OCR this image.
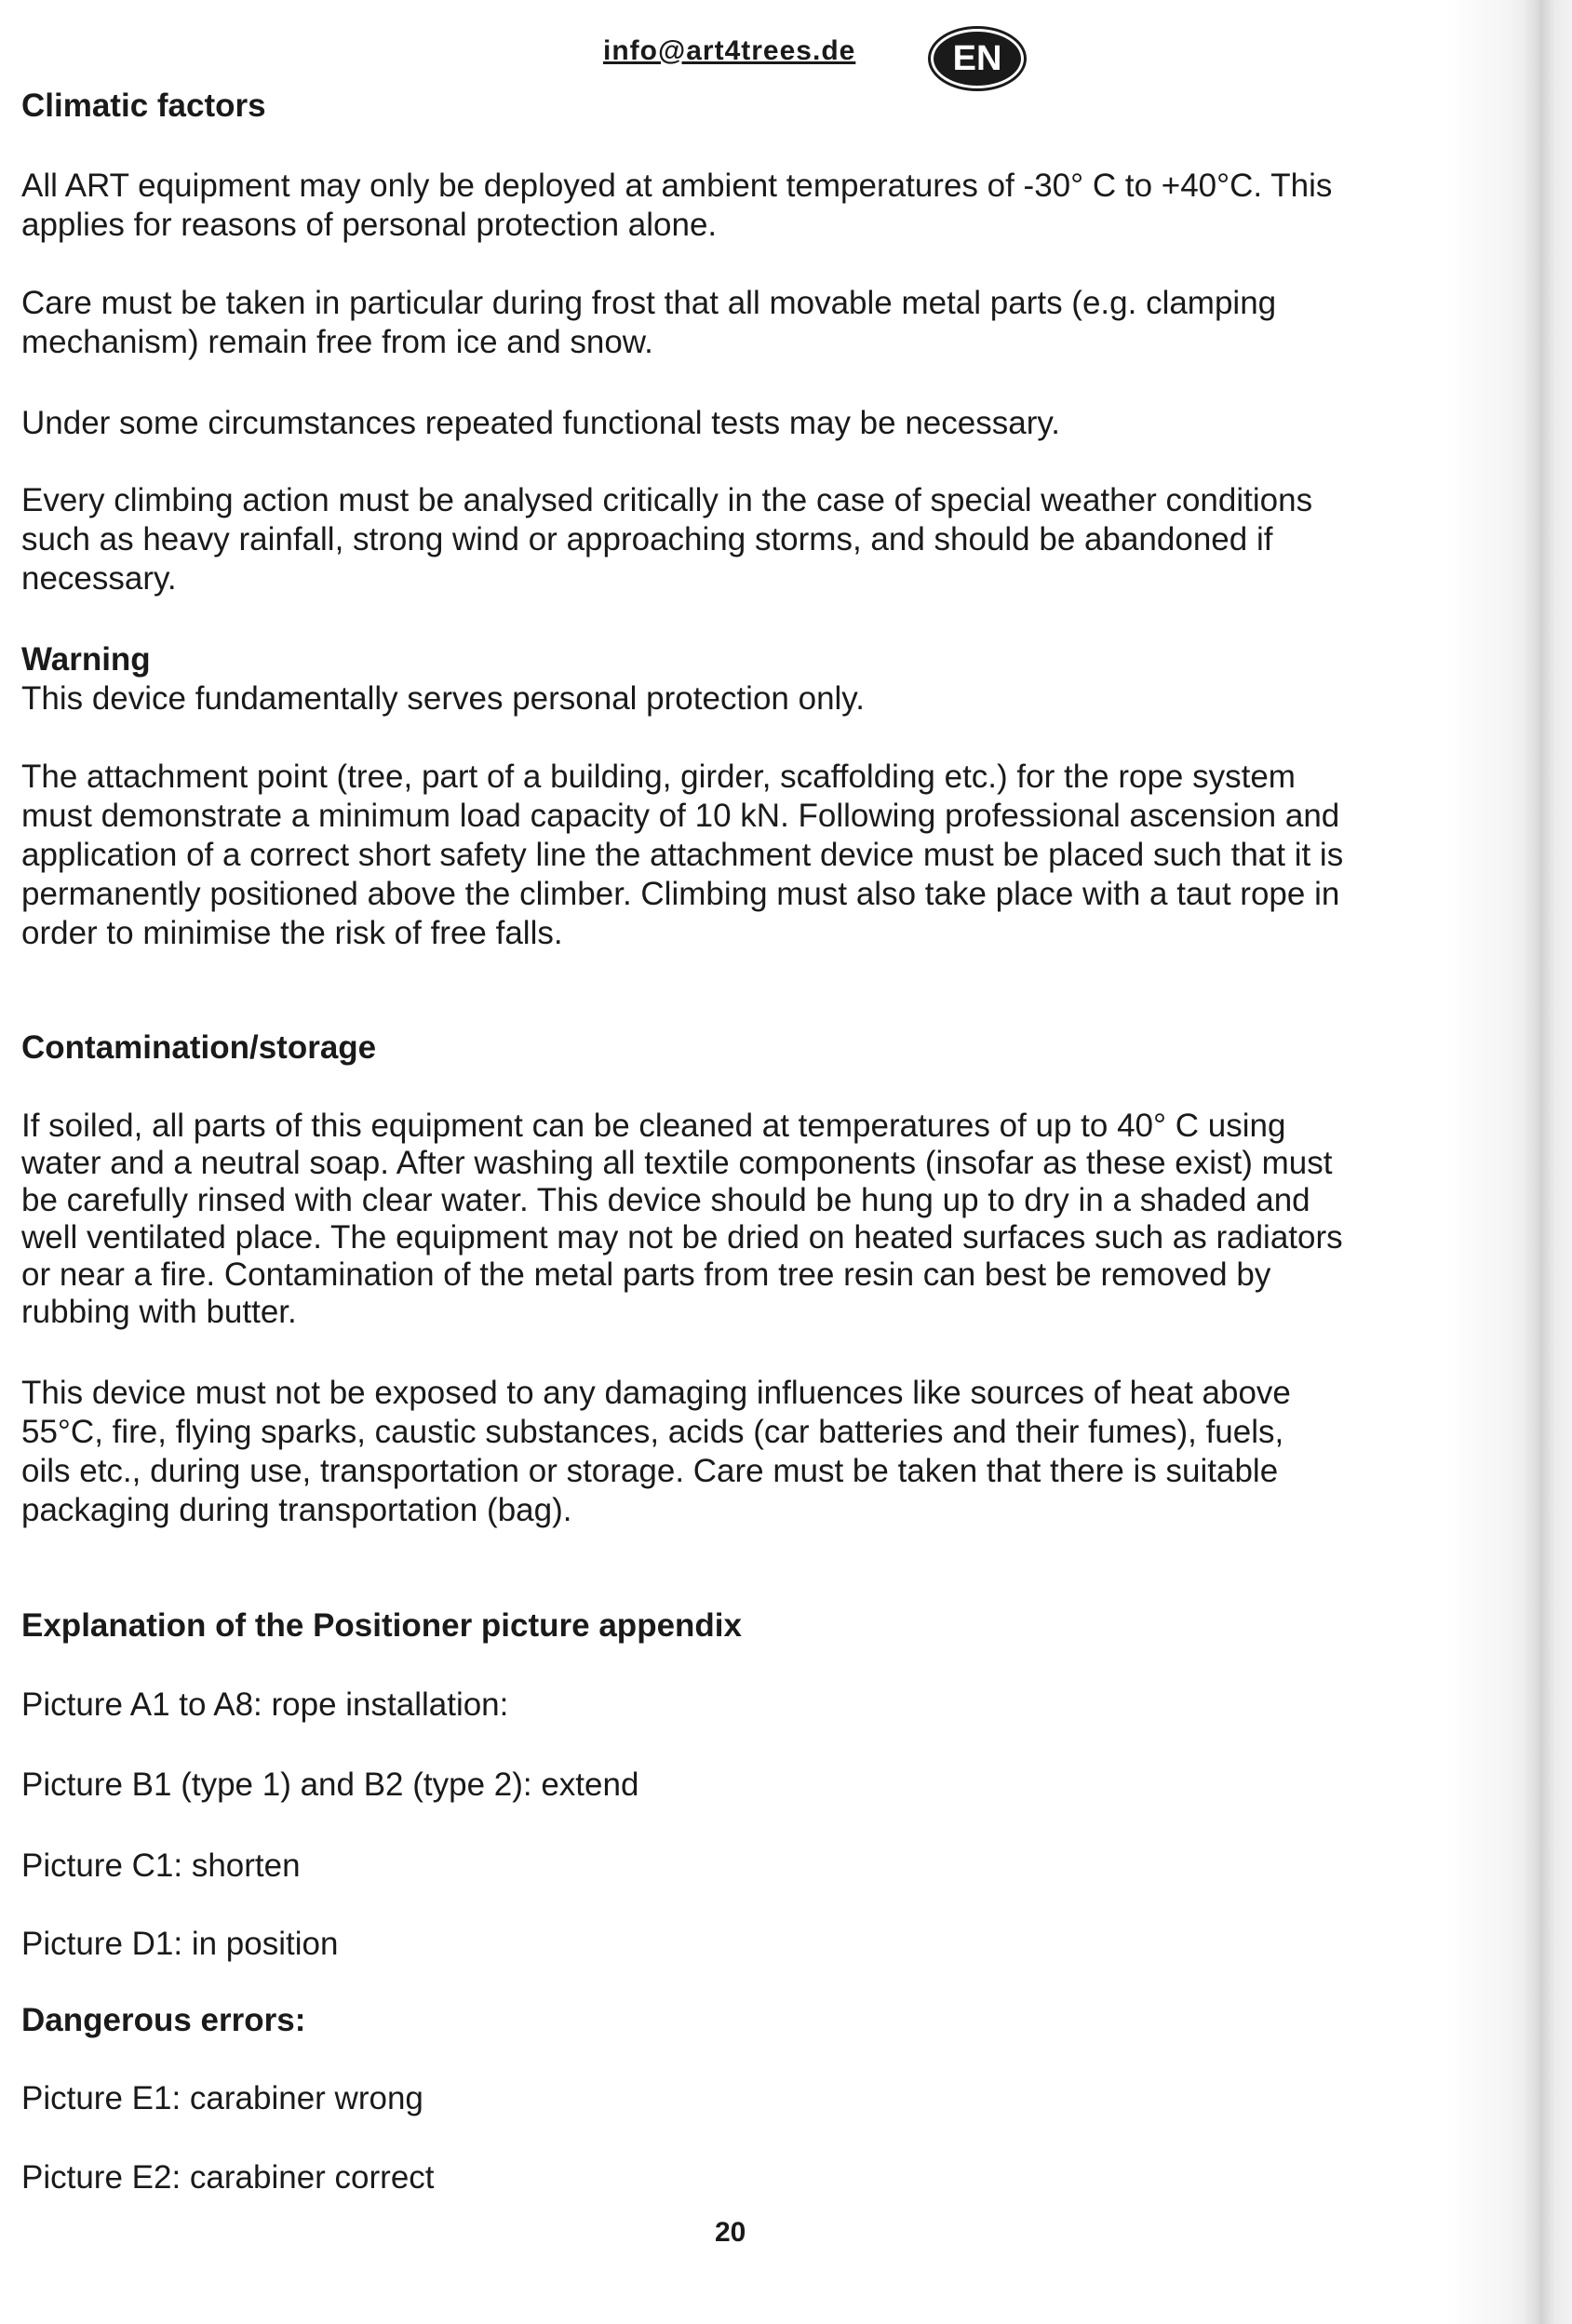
info@art4trees.de	EN
Climatic factors
All ART equipment may only be deployed at ambient temperatures of -30° C to +40°C. This
applies for reasons of personal protection alone.
Care must be taken in particular during frost that all movable metal parts (e.g. clamping
mechanism) remain free from ice and snow.
Under some circumstances repeated functional tests may be necessary.
Every climbing action must be analysed critically in the case of special weather conditions
such as heavy rainfall, strong wind or approaching storms, and should be abandoned if
necessary.
Warning
This device fundamentally serves personal protection only.
The attachment point (tree, part of a building, girder, scaffolding etc.) for the rope system
must demonstrate a minimum load capacity of 10 kN. Following professional ascension and
application of a correct short safety line the attachment device must be placed such that it is
permanently positioned above the climber. Climbing must also take place with a taut rope in
order to minimise the risk of free falls.
Contamination/storage
If soiled, all parts of this equipment can be cleaned at temperatures of up to 40° C using
water and a neutral soap. After washing all textile components (insofar as these exist) must
be carefully rinsed with clear water. This device should be hung up to dry in a shaded and
well ventilated place. The equipment may not be dried on heated surfaces such as radiators
or near a fire. Contamination of the metal parts from tree resin can best be removed by
rubbing with butter.
This device must not be exposed to any damaging influences like sources of heat above
55°C, fire, flying sparks, caustic substances, acids (car batteries and their fumes), fuels,
oils etc., during use, transportation or storage. Care must be taken that there is suitable
packaging during transportation (bag).
Explanation of the Positioner picture appendix
Picture A1 to A8: rope installation:
Picture B1 (type 1) and B2 (type 2): extend
Picture C1: shorten
Picture D1: in position
Dangerous errors:
Picture E1: carabiner wrong
Picture E2: carabiner correct
20
